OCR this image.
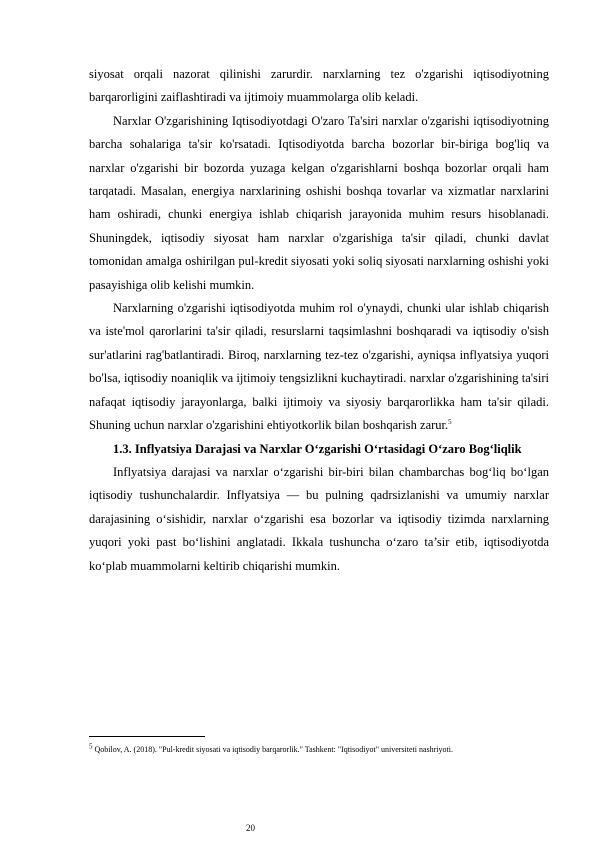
siyosat orqali nazorat qilinishi zarurdir. narxlarning tez o'zgarishi iqtisodiyotning barqarorligini zaiflashtiradi va ijtimoiy muammolarga olib keladi.

Narxlar O'zgarishining Iqtisodiyotdagi O'zaro Ta'siri narxlar o'zgarishi iqtisodiyotning barcha sohalariga ta'sir ko'rsatadi. Iqtisodiyotda barcha bozorlar bir-biriga bog'liq va narxlar o'zgarishi bir bozorda yuzaga kelgan o'zgarishlarni boshqa bozorlar orqali ham tarqatadi. Masalan, energiya narxlarining oshishi boshqa tovarlar va xizmatlar narxlarini ham oshiradi, chunki energiya ishlab chiqarish jarayonida muhim resurs hisoblanadi. Shuningdek, iqtisodiy siyosat ham narxlar o'zgarishiga ta'sir qiladi, chunki davlat tomonidan amalga oshirilgan pul-kredit siyosati yoki soliq siyosati narxlarning oshishi yoki pasayishiga olib kelishi mumkin.

Narxlarning o'zgarishi iqtisodiyotda muhim rol o'ynaydi, chunki ular ishlab chiqarish va iste'mol qarorlarini ta'sir qiladi, resurslarni taqsimlashni boshqaradi va iqtisodiy o'sish sur'atlarini rag'batlantiradi. Biroq, narxlarning tez-tez o'zgarishi, ayniqsa inflyatsiya yuqori bo'lsa, iqtisodiy noaniqlik va ijtimoiy tengsizlikni kuchaytiradi. narxlar o'zgarishining ta'siri nafaqat iqtisodiy jarayonlarga, balki ijtimoiy va siyosiy barqarorlikka ham ta'sir qiladi. Shuning uchun narxlar o'zgarishini ehtiyotkorlik bilan boshqarish zarur.$^5$

1.3. Inflyatsiya Darajasi va Narxlar O‘zgarishi O‘rtasidagi O‘zaro Bog‘liqlik

Inflyatsiya darajasi va narxlar o‘zgarishi bir-biri bilan chambarchas bog‘liq bo‘lgan iqtisodiy tushunchalardir. Inflyatsiya — bu pulning qadrsizlanishi va umumiy narxlar darajasining o‘sishidir, narxlar o‘zgarishi esa bozorlar va iqtisodiy tizimda narxlarning yuqori yoki past bo‘lishini anglatadi. Ikkala tushuncha o‘zaro ta’sir etib, iqtisodiyotda ko‘plab muammolarni keltirib chiqarishi mumkin.

5 Qobilov, A. (2018). "Pul-kredit siyosati va iqtisodiy barqarorlik." Tashkent: "Iqtisodiyot" universiteti nashriyoti.
20
